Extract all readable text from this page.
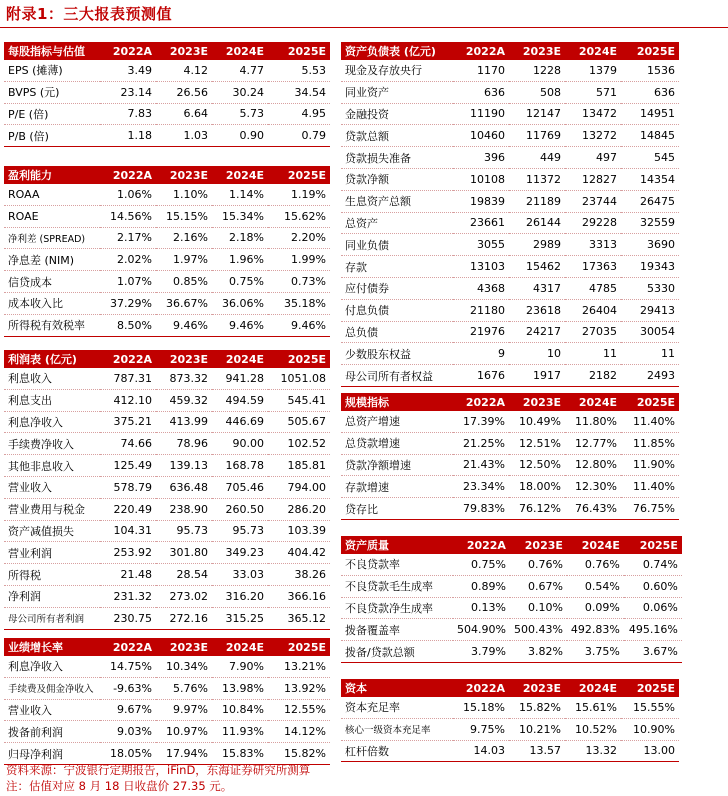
附录1：三大报表预测值
每股指标与估值	2022A	2023E	2024E	2025E
EPS (摊薄)	3.49	4.12	4.77	5.53
BVPS (元)	23.14	26.56	30.24	34.54
P/E (倍)	7.83	6.64	5.73	4.95
P/B (倍)	1.18	1.03	0.90	0.79
盈利能力	2022A	2023E	2024E	2025E
ROAA	1.06%	1.10%	1.14%	1.19%
ROAE	14.56%	15.15%	15.34%	15.62%
净利差 (SPREAD)	2.17%	2.16%	2.18%	2.20%
净息差 (NIM)	2.02%	1.97%	1.96%	1.99%
信贷成本	1.07%	0.85%	0.75%	0.73%
成本收入比	37.29%	36.67%	36.06%	35.18%
所得税有效税率	8.50%	9.46%	9.46%	9.46%
利润表 (亿元)	2022A	2023E	2024E	2025E
利息收入	787.31	873.32	941.28	1051.08
利息支出	412.10	459.32	494.59	545.41
利息净收入	375.21	413.99	446.69	505.67
手续费净收入	74.66	78.96	90.00	102.52
其他非息收入	125.49	139.13	168.78	185.81
营业收入	578.79	636.48	705.46	794.00
营业费用与税金	220.49	238.90	260.50	286.20
资产减值损失	104.31	95.73	95.73	103.39
营业利润	253.92	301.80	349.23	404.42
所得税	21.48	28.54	33.03	38.26
净利润	231.32	273.02	316.20	366.16
母公司所有者利润	230.75	272.16	315.25	365.12
业绩增长率	2022A	2023E	2024E	2025E
利息净收入	14.75%	10.34%	7.90%	13.21%
手续费及佣金净收入	-9.63%	5.76%	13.98%	13.92%
营业收入	9.67%	9.97%	10.84%	12.55%
拨备前利润	9.03%	10.97%	11.93%	14.12%
归母净利润	18.05%	17.94%	15.83%	15.82%
资产负债表 (亿元)	2022A	2023E	2024E	2025E
现金及存放央行	1170	1228	1379	1536
同业资产	636	508	571	636
金融投资	11190	12147	13472	14951
贷款总额	10460	11769	13272	14845
贷款损失准备	396	449	497	545
贷款净额	10108	11372	12827	14354
生息资产总额	19839	21189	23744	26475
总资产	23661	26144	29228	32559
同业负债	3055	2989	3313	3690
存款	13103	15462	17363	19343
应付债券	4368	4317	4785	5330
付息负债	21180	23618	26404	29413
总负债	21976	24217	27035	30054
少数股东权益	9	10	11	11
母公司所有者权益	1676	1917	2182	2493
规模指标	2022A	2023E	2024E	2025E
总资产增速	17.39%	10.49%	11.80%	11.40%
总贷款增速	21.25%	12.51%	12.77%	11.85%
贷款净额增速	21.43%	12.50%	12.80%	11.90%
存款增速	23.34%	18.00%	12.30%	11.40%
贷存比	79.83%	76.12%	76.43%	76.75%
资产质量	2022A	2023E	2024E	2025E
不良贷款率	0.75%	0.76%	0.76%	0.74%
不良贷款毛生成率	0.89%	0.67%	0.54%	0.60%
不良贷款净生成率	0.13%	0.10%	0.09%	0.06%
拨备覆盖率	504.90%	500.43%	492.83%	495.16%
拨备/贷款总额	3.79%	3.82%	3.75%	3.67%
资本	2022A	2023E	2024E	2025E
资本充足率	15.18%	15.82%	15.61%	15.55%
核心一级资本充足率	9.75%	10.21%	10.52%	10.90%
杠杆倍数	14.03	13.57	13.32	13.00
资料来源：宁波银行定期报告，iFinD，东海证券研究所测算
注：估值对应 8 月 18 日收盘价 27.35 元。
